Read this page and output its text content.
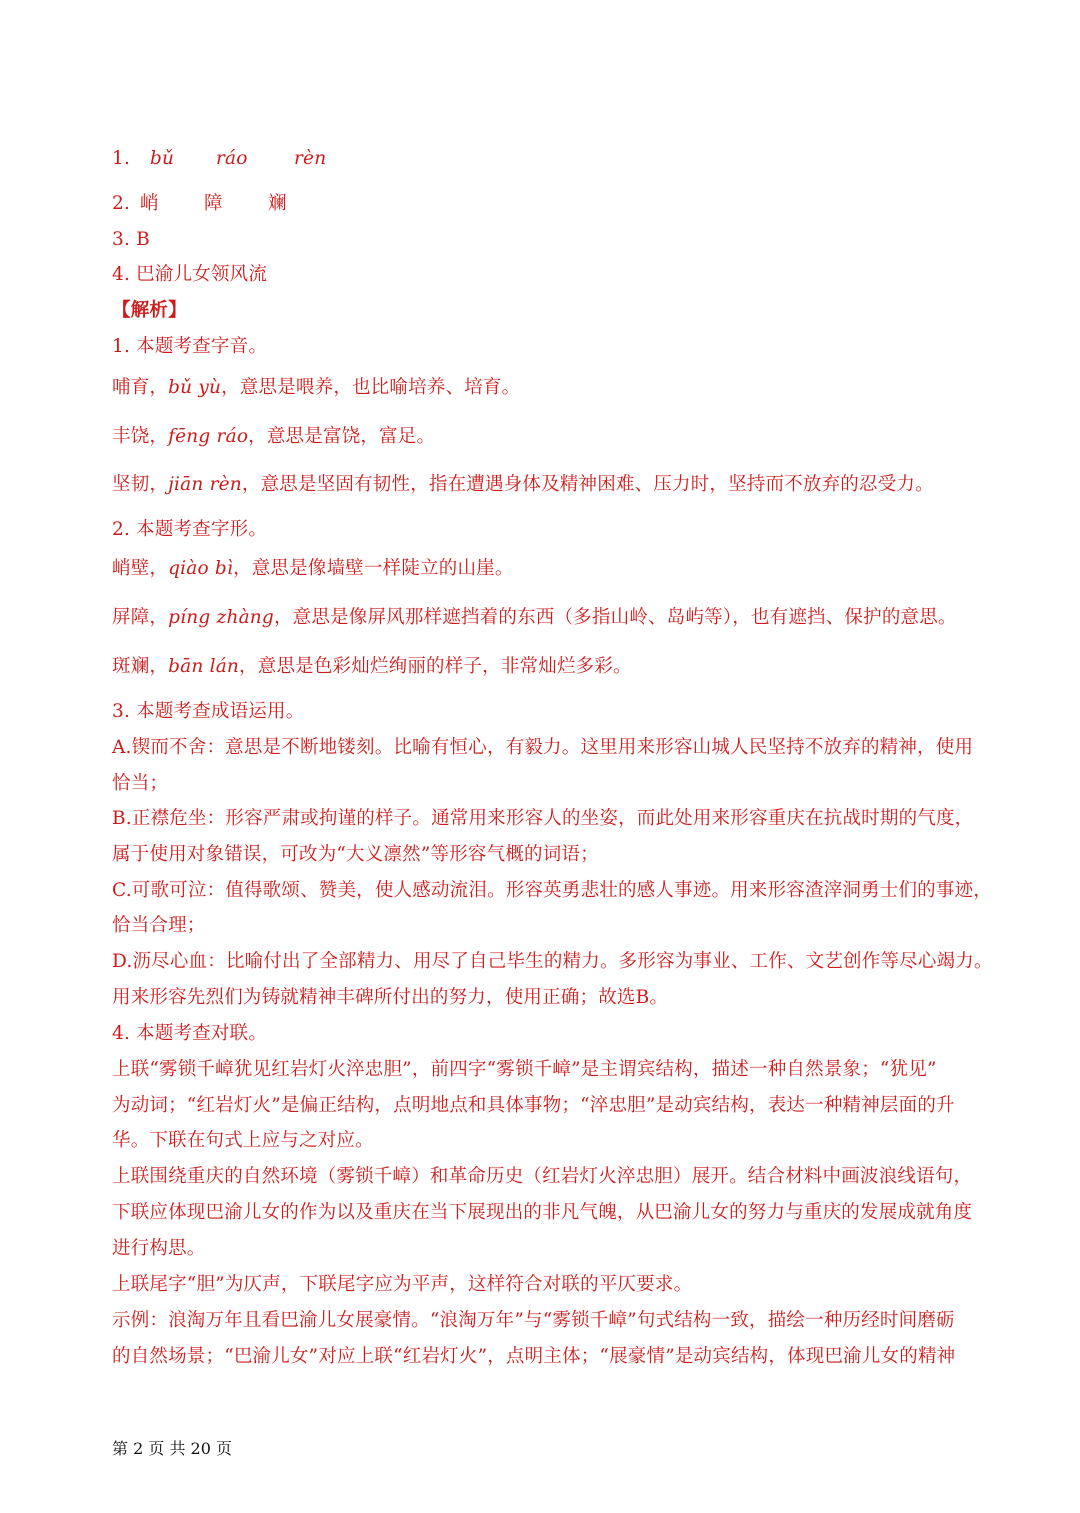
1. bǔ ráo	rèn
2. 峭 障 斓
3. B
4. 巴渝儿女领风流
【解析】
1. 本题考查字音。
哺育，bǔ yù，意思是喂养，也比喻培养、培育。
丰饶，fēng ráo，意思是富饶，富足。
坚韧，jiān rèn，意思是坚固有韧性，指在遭遇身体及精神困难、压力时，坚持而不放弃的忍受力。
2. 本题考查字形。
峭壁，qiào bì，意思是像墙壁一样陡立的山崖。
屏障，píng zhàng，意思是像屏风那样遮挡着的东西（多指山岭、岛屿等），也有遮挡、保护的意思。
斑斓，bān lán，意思是色彩灿烂绚丽的样子，非常灿烂多彩。
3. 本题考查成语运用。
A.锲而不舍：意思是不断地镂刻。比喻有恒心，有毅力。这里用来形容山城人民坚持不放弃的精神，使用
恰当；
B.正襟危坐：形容严肃或拘谨的样子。通常用来形容人的坐姿，而此处用来形容重庆在抗战时期的气度，
属于使用对象错误，可改为“大义凛然”等形容气概的词语；
C.可歌可泣：值得歌颂、赞美，使人感动流泪。形容英勇悲壮的感人事迹。用来形容渣滓洞勇士们的事迹，
恰当合理；
D.沥尽心血：比喻付出了全部精力、用尽了自己毕生的精力。多形容为事业、工作、文艺创作等尽心竭力。
用来形容先烈们为铸就精神丰碑所付出的努力，使用正确；故选B。
4. 本题考查对联。
上联“雾锁千嶂犹见红岩灯火淬忠胆”，前四字“雾锁千嶂”是主谓宾结构，描述一种自然景象；“犹见”
为动词；“红岩灯火”是偏正结构，点明地点和具体事物；“淬忠胆”是动宾结构，表达一种精神层面的升
华。下联在句式上应与之对应。
上联围绕重庆的自然环境（雾锁千嶂）和革命历史（红岩灯火淬忠胆）展开。结合材料中画波浪线语句，
下联应体现巴渝儿女的作为以及重庆在当下展现出的非凡气魄，从巴渝儿女的努力与重庆的发展成就角度
进行构思。
上联尾字“胆”为仄声，下联尾字应为平声，这样符合对联的平仄要求。
示例：浪淘万年且看巴渝儿女展豪情。“浪淘万年”与“雾锁千嶂”句式结构一致，描绘一种历经时间磨砺
的自然场景；“巴渝儿女”对应上联“红岩灯火”，点明主体；“展豪情”是动宾结构，体现巴渝儿女的精神
第 2 页 共 20 页
